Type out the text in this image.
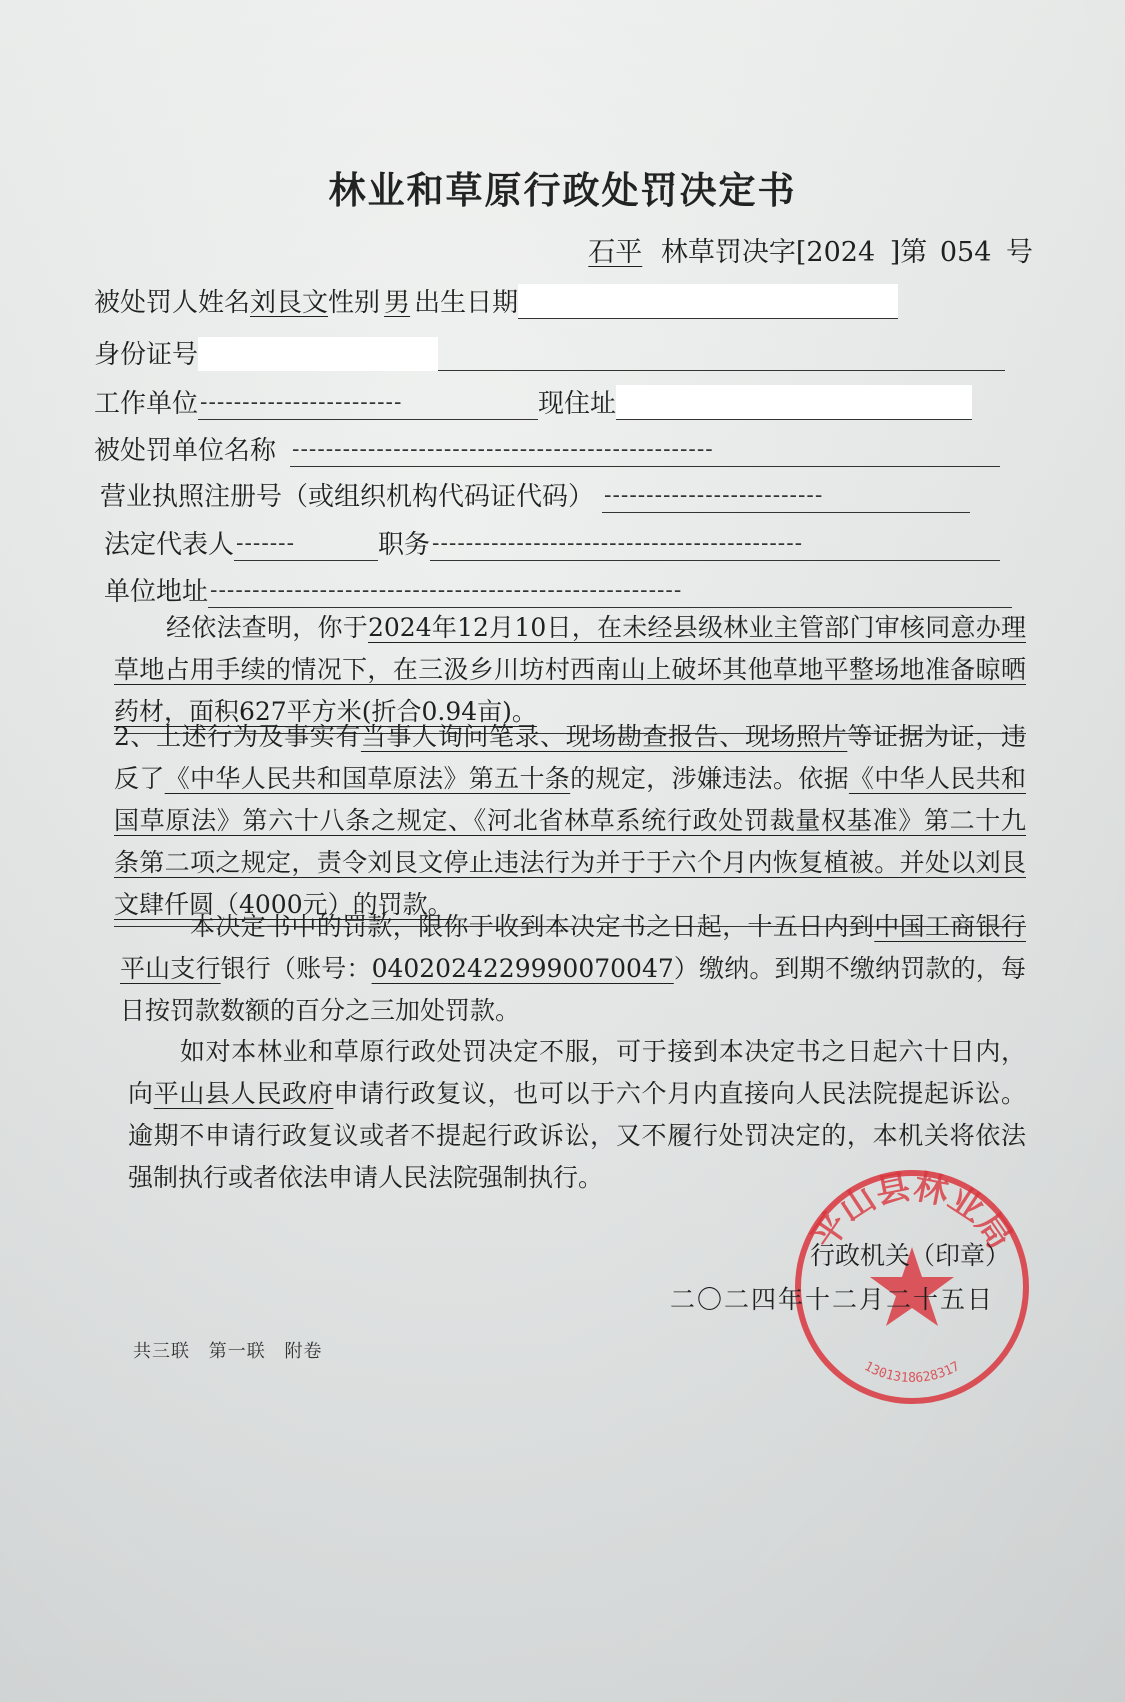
林业和草原行政处罚决定书
石平 林草罚决字[2024 ]第 054 号
被处罚人姓名 刘艮文 性别 男 出生日期
身份证号
工作单位 ------------------------	现住址
被处罚单位名称 --------------------------------------------------
营业执照注册号（或组织机构代码证代码） --------------------------
法定代表人 -------	职务 --------------------------------------------
单位地址 --------------------------------------------------------
经依法查明，你于2024年12月10日，在未经县级林业主管部门审核同意办理草地占用手续的情况下，在三汲乡川坊村西南山上破坏其他草地平整场地准备晾晒药材，面积627平方米(折合0.94亩)。
2、上述行为及事实有当事人询问笔录、现场勘查报告、现场照片等证据为证，违反了《中华人民共和国草原法》第五十条的规定，涉嫌违法。依据《中华人民共和国草原法》第六十八条之规定、《河北省林草系统行政处罚裁量权基准》第二十九条第二项之规定，责令刘艮文停止违法行为并于于六个月内恢复植被。并处以刘艮文肆仟圆（4000元）的罚款。
本决定书中的罚款，限你于收到本决定书之日起，十五日内到中国工商银行平山支行银行（账号：0402024229990070047）缴纳。到期不缴纳罚款的，每日按罚款数额的百分之三加处罚款。
如对本林业和草原行政处罚决定不服，可于接到本决定书之日起六十日内，向平山县人民政府申请行政复议，也可以于六个月内直接向人民法院提起诉讼。逾期不申请行政复议或者不提起行政诉讼，又不履行处罚决定的，本机关将依法强制执行或者依法申请人民法院强制执行。
平山县林业局
1301318628317
行政机关（印章）
二〇二四年十二月二十五日
共三联 第一联 附卷
